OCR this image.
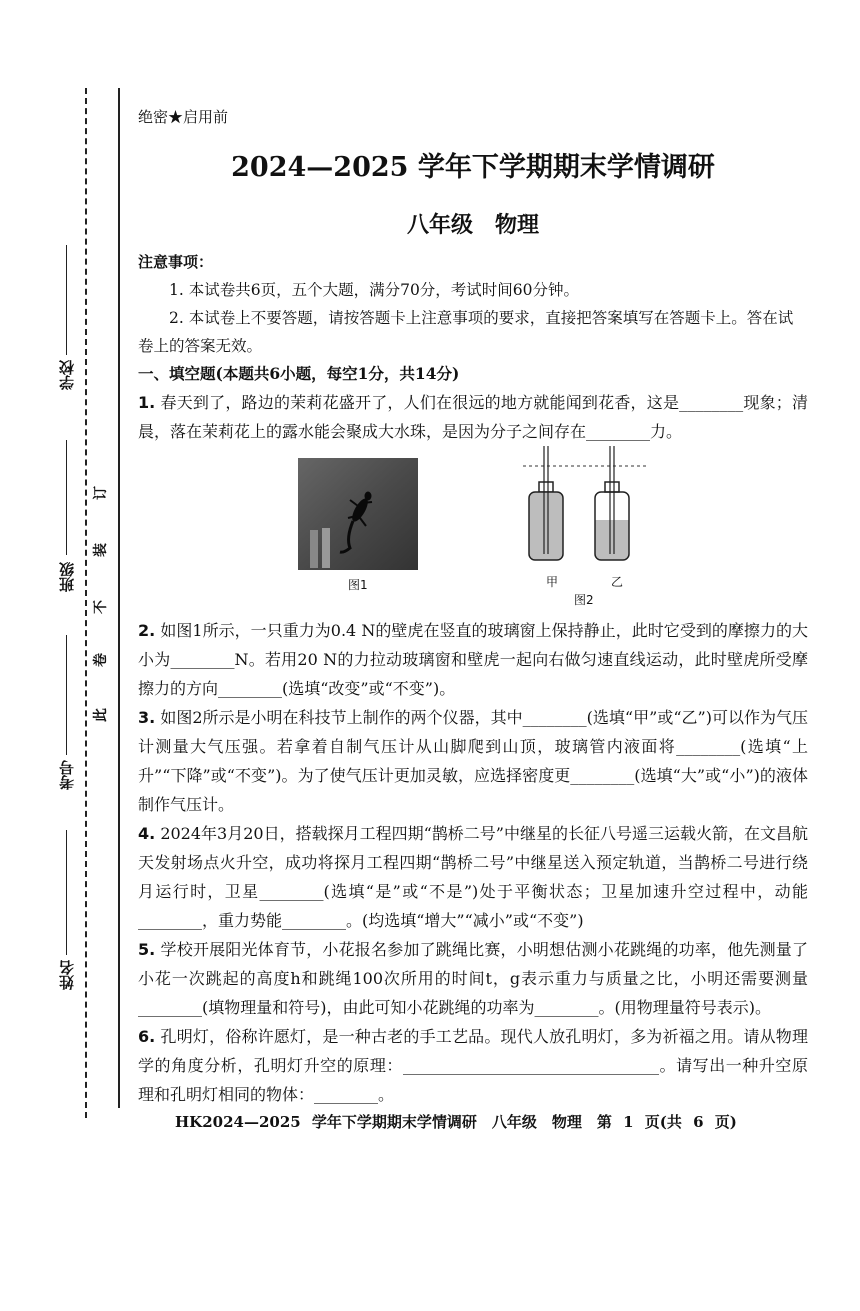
学校
班级
考号
姓名
此
卷
不
装
订
绝密★启用前
2024—2025 学年下学期期末学情调研
八年级　物理
注意事项：
1. 本试卷共6页，五个大题，满分70分，考试时间60分钟。
2. 本试卷上不要答题，请按答题卡上注意事项的要求，直接把答案填写在答题卡上。答在试卷上的答案无效。
一、填空题(本题共6小题，每空1分，共14分)
1. 春天到了，路边的茉莉花盛开了，人们在很远的地方就能闻到花香，这是________现象；清晨，落在茉莉花上的露水能会聚成大水珠，是因为分子之间存在________力。
图1	甲	乙
图2
2. 如图1所示，一只重力为0.4 N的壁虎在竖直的玻璃窗上保持静止，此时它受到的摩擦力的大小为________N。若用20 N的力拉动玻璃窗和壁虎一起向右做匀速直线运动，此时壁虎所受摩擦力的方向________(选填“改变”或“不变”)。
3. 如图2所示是小明在科技节上制作的两个仪器，其中________(选填“甲”或“乙”)可以作为气压计测量大气压强。若拿着自制气压计从山脚爬到山顶，玻璃管内液面将________(选填“上升”“下降”或“不变”)。为了使气压计更加灵敏，应选择密度更________(选填“大”或“小”)的液体制作气压计。
4. 2024年3月20日，搭载探月工程四期“鹊桥二号”中继星的长征八号遥三运载火箭，在文昌航天发射场点火升空，成功将探月工程四期“鹊桥二号”中继星送入预定轨道，当鹊桥二号进行绕月运行时，卫星________(选填“是”或“不是”)处于平衡状态；卫星加速升空过程中，动能________，重力势能________。(均选填“增大”“减小”或“不变”)
5. 学校开展阳光体育节，小花报名参加了跳绳比赛，小明想估测小花跳绳的功率，他先测量了小花一次跳起的高度h和跳绳100次所用的时间t，g表示重力与质量之比，小明还需要测量________(填物理量和符号)，由此可知小花跳绳的功率为________。(用物理量符号表示)。
6. 孔明灯，俗称许愿灯，是一种古老的手工艺品。现代人放孔明灯，多为祈福之用。请从物理学的角度分析，孔明灯升空的原理：________________________________。请写出一种升空原理和孔明灯相同的物体：________。
HK2024—2025 学年下学期期末学情调研　八年级　物理　第 1 页(共 6 页)
